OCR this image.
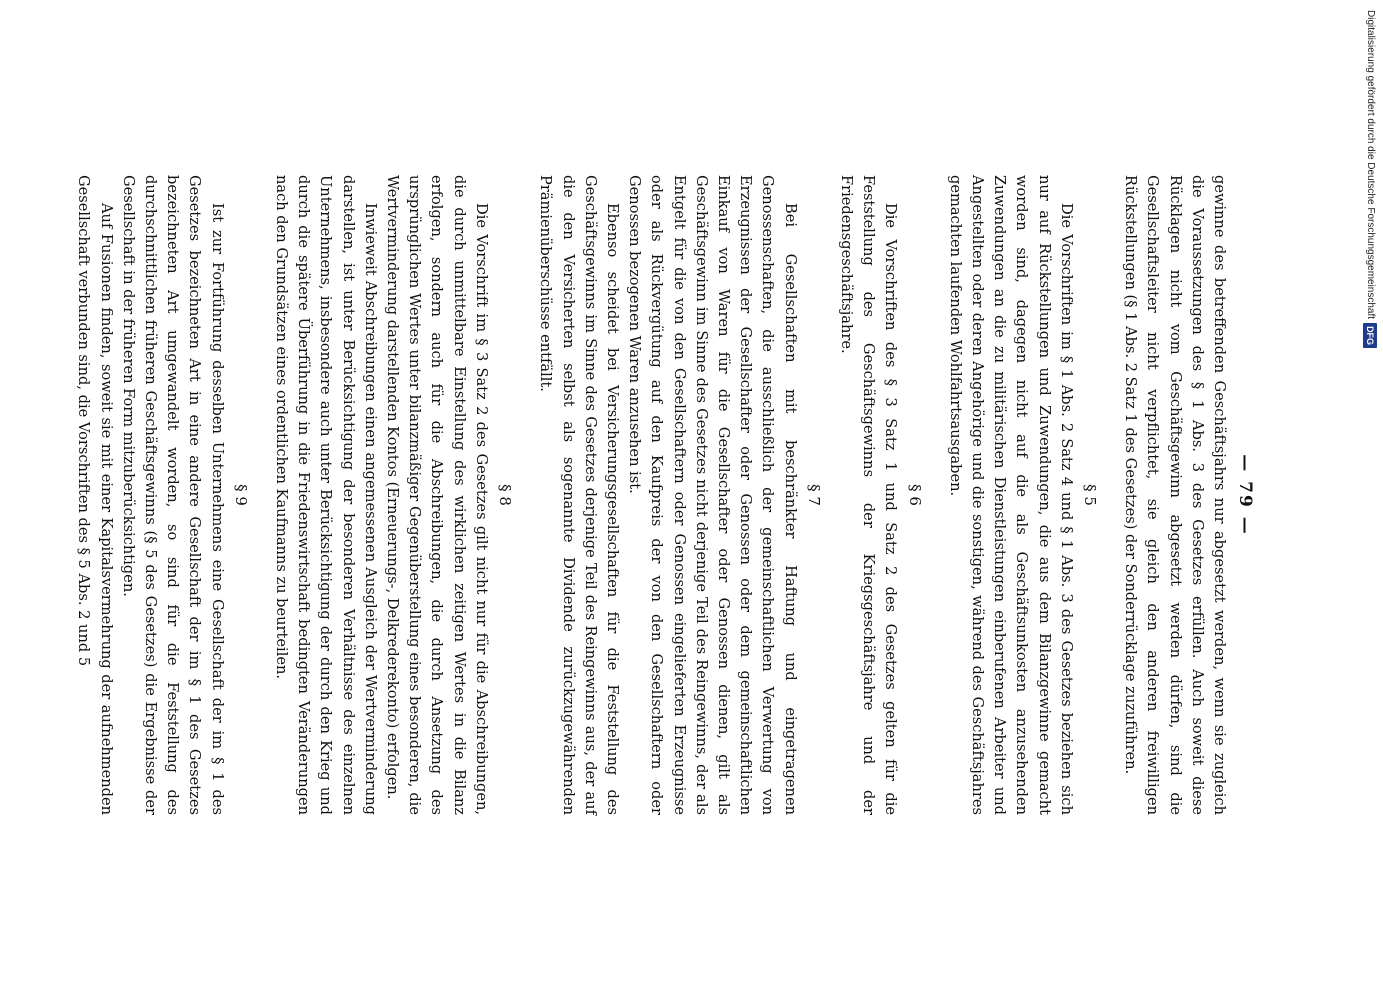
— 79 —

gewinne des betreffenden Geschäftsjahrs nur abgesetzt werden, wenn sie zugleich die Voraussetzungen des § 1 Abs. 3 des Gesetzes erfüllen. Auch soweit diese Rücklagen nicht vom Geschäftsgewinn abgesetzt werden dürfen, sind die Gesellschaftsleiter nicht verpflichtet, sie gleich den anderen freiwilligen Rückstellungen (§ 1 Abs. 2 Satz 1 des Gesetzes) der Sonderrücklage zuzuführen.

§ 5

Die Vorschriften im § 1 Abs. 2 Satz 4 und § 1 Abs. 3 des Gesetzes beziehen sich nur auf Rückstellungen und Zuwendungen, die aus dem Bilanzgewinne gemacht worden sind, dagegen nicht auf die als Geschäftsunkosten anzusehenden Zuwendungen an die zu militärischen Dienstleistungen einberufenen Arbeiter und Angestellten oder deren Angehörige und die sonstigen, während des Geschäftsjahres gemachten laufenden Wohlfahrtsausgaben.

§ 6

Die Vorschriften des § 3 Satz 1 und Satz 2 des Gesetzes gelten für die Feststellung des Geschäftsgewinns der Kriegsgeschäftsjahre und der Friedensgeschäftsjahre.

§ 7

Bei Gesellschaften mit beschränkter Haftung und eingetragenen Genossenschaften, die ausschließlich der gemeinschaftlichen Verwertung von Erzeugnissen der Gesellschafter oder Genossen oder dem gemeinschaftlichen Einkauf von Waren für die Gesellschafter oder Genossen dienen, gilt als Geschäftsgewinn im Sinne des Gesetzes nicht derjenige Teil des Reingewinns, der als Entgelt für die von den Gesellschaftern oder Genossen eingelieferten Erzeugnisse oder als Rückvergütung auf den Kaufpreis der von den Gesellschaftern oder Genossen bezogenen Waren anzusehen ist.

Ebenso scheidet bei Versicherungsgesellschaften für die Feststellung des Geschäftsgewinns im Sinne des Gesetzes derjenige Teil des Reingewinns aus, der auf die den Versicherten selbst als sogenannte Dividende zurückzugewährenden Prämienüberschüsse entfällt.

§ 8

Die Vorschrift im § 3 Satz 2 des Gesetzes gilt nicht nur für die Abschreibungen, die durch unmittelbare Einstellung des wirklichen zeitigen Wertes in die Bilanz erfolgen, sondern auch für die Abschreibungen, die durch Ansetzung des ursprünglichen Wertes unter bilanzmäßiger Gegenüberstellung eines besonderen, die Wertverminderung darstellenden Kontos (Erneuerungs-, Delkrederekonto) erfolgen.

Inwieweit Abschreibungen einen angemessenen Ausgleich der Wertverminderung darstellen, ist unter Berücksichtigung der besonderen Verhältnisse des einzelnen Unternehmens, insbesondere auch unter Berücksichtigung der durch den Krieg und durch die spätere Überführung in die Friedenswirtschaft bedingten Veränderungen nach den Grundsätzen eines ordentlichen Kaufmanns zu beurteilen.

§ 9

Ist zur Fortführung desselben Unternehmens eine Gesellschaft der im § 1 des Gesetzes bezeichneten Art in eine andere Gesellschaft der im § 1 des Gesetzes bezeichneten Art umgewandelt worden, so sind für die Feststellung des durchschnittlichen früheren Geschäftsgewinns (§ 5 des Gesetzes) die Ergebnisse der Gesellschaft in der früheren Form mitzuberücksichtigen.

Auf Fusionen finden, soweit sie mit einer Kapitalsvermehrung der aufnehmenden Gesellschaft verbunden sind, die Vorschriften des § 5 Abs. 2 und 5

Digitalisierung gefördert durch die Deutsche Forschungsgemeinschaft
DFG
